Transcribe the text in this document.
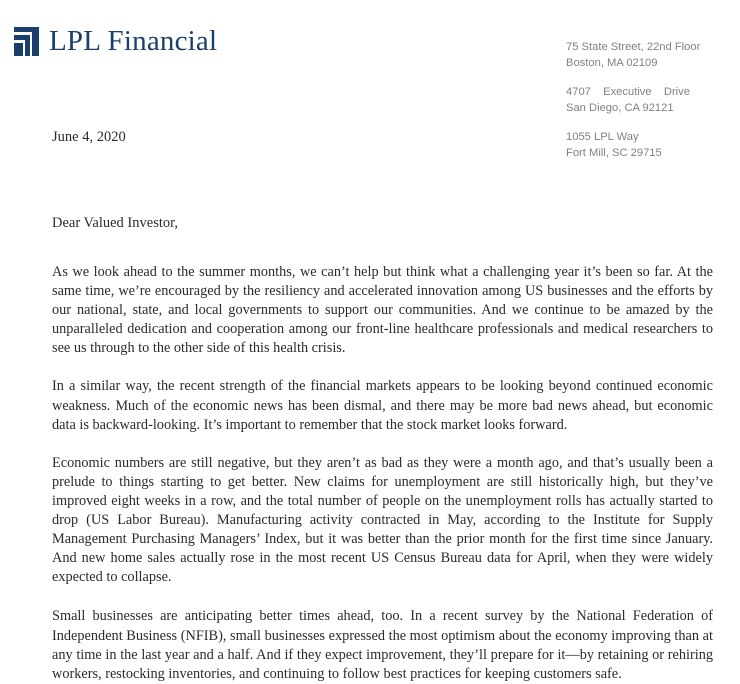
LPL Financial	75 State Street, 22nd Floor
Boston, MA 02109
4707 Executive Drive
San Diego, CA 92121
1055 LPL Way
Fort Mill, SC 29715

June 4, 2020

Dear Valued Investor,

As we look ahead to the summer months, we can’t help but think what a challenging year it’s been so far. At the same time, we’re encouraged by the resiliency and accelerated innovation among US businesses and the efforts by our national, state, and local governments to support our communities. And we continue to be amazed by the unparalleled dedication and cooperation among our front-line healthcare professionals and medical researchers to see us through to the other side of this health crisis.

In a similar way, the recent strength of the financial markets appears to be looking beyond continued economic weakness. Much of the economic news has been dismal, and there may be more bad news ahead, but economic data is backward-looking. It’s important to remember that the stock market looks forward.

Economic numbers are still negative, but they aren’t as bad as they were a month ago, and that’s usually been a prelude to things starting to get better. New claims for unemployment are still historically high, but they’ve improved eight weeks in a row, and the total number of people on the unemployment rolls has actually started to drop (US Labor Bureau). Manufacturing activity contracted in May, according to the Institute for Supply Management Purchasing Managers’ Index, but it was better than the prior month for the first time since January. And new home sales actually rose in the most recent US Census Bureau data for April, when they were widely expected to collapse.

Small businesses are anticipating better times ahead, too. In a recent survey by the National Federation of Independent Business (NFIB), small businesses expressed the most optimism about the economy improving than at any time in the last year and a half. And if they expect improvement, they’ll prepare for it—by retaining or rehiring workers, restocking inventories, and continuing to follow best practices for keeping customers safe.
